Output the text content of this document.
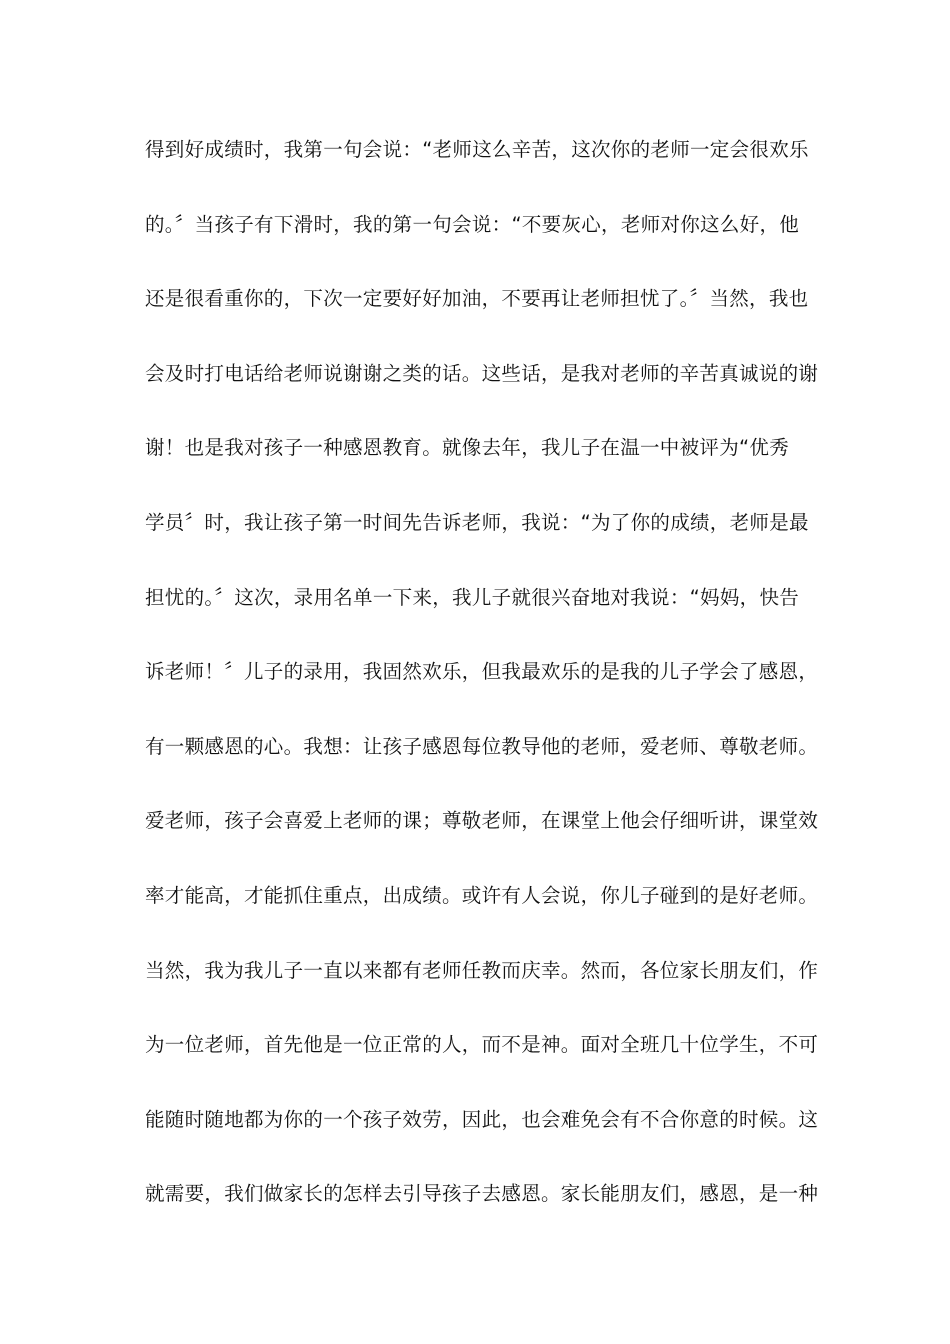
得到好成绩时，我第一句会说：“老师这么辛苦，这次你的老师一定会很欢乐
的。〞当孩子有下滑时，我的第一句会说：“不要灰心，老师对你这么好，他
还是很看重你的，下次一定要好好加油，不要再让老师担忧了。〞当然，我也
会及时打电话给老师说谢谢之类的话。这些话，是我对老师的辛苦真诚说的谢
谢！也是我对孩子一种感恩教育。就像去年，我儿子在温一中被评为“优秀
学员〞时，我让孩子第一时间先告诉老师，我说：“为了你的成绩，老师是最
担忧的。〞这次，录用名单一下来，我儿子就很兴奋地对我说：“妈妈，快告
诉老师！〞儿子的录用，我固然欢乐，但我最欢乐的是我的儿子学会了感恩，
有一颗感恩的心。我想：让孩子感恩每位教导他的老师，爱老师、尊敬老师。
爱老师，孩子会喜爱上老师的课；尊敬老师，在课堂上他会仔细听讲，课堂效
率才能高，才能抓住重点，出成绩。或许有人会说，你儿子碰到的是好老师。
当然，我为我儿子一直以来都有老师任教而庆幸。然而，各位家长朋友们，作
为一位老师，首先他是一位正常的人，而不是神。面对全班几十位学生，不可
能随时随地都为你的一个孩子效劳，因此，也会难免会有不合你意的时候。这
就需要，我们做家长的怎样去引导孩子去感恩。家长能朋友们，感恩，是一种
